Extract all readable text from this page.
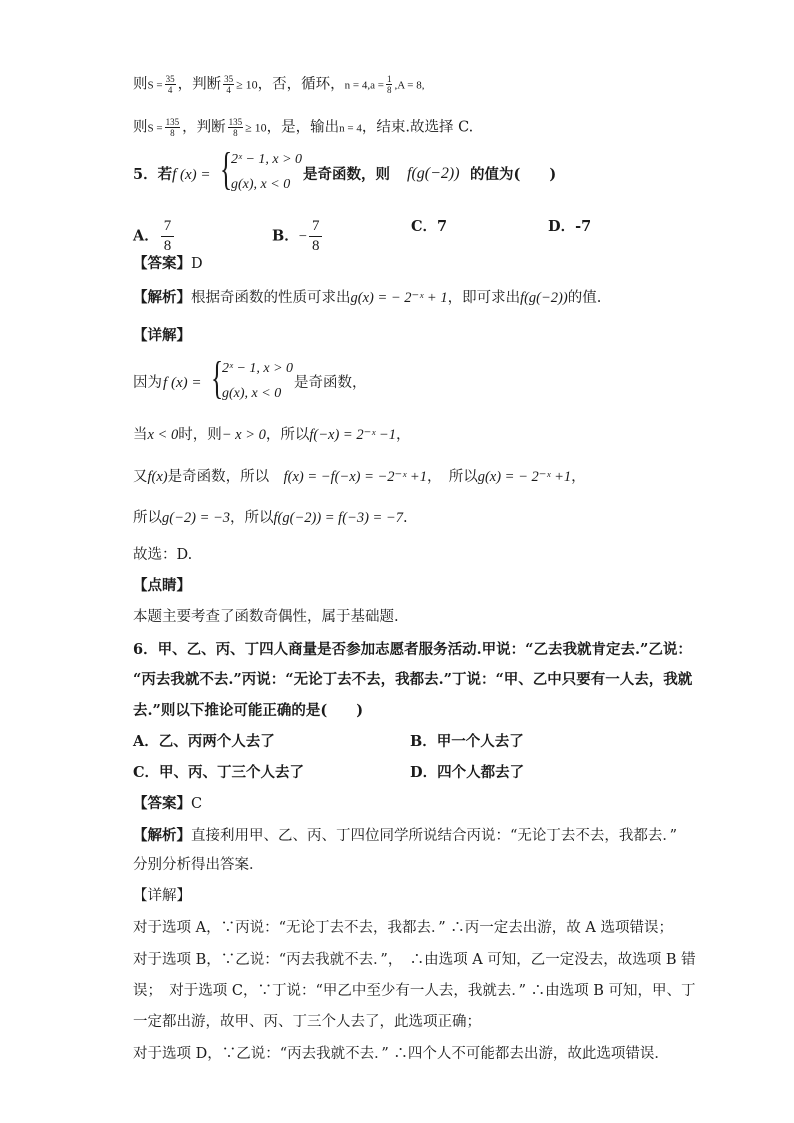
则$S = \frac{35}{4}$ ，判断 $\frac{35}{4} \ge 10$，否，循环，$n = 4,a = \frac{1}{8} ,A = 8$,
则$S = \frac{135}{8}$ ，判断 $\frac{135}{8} \ge 10$，是，输出n = 4，结束.故选择 C.
5．若 f (x) = {
2ˣ − 1, x > 0
g(x), x < 0
是奇函数，则 f(g(−2)) 的值为(　　)
A． $\frac{7}{8}$	B．− $\frac{7}{8}$	C．7	D．-7
【答案】D
【解析】根据奇函数的性质可求出g(x) = − 2⁻ˣ + 1，即可求出f(g(−2))的值.
【详解】
因为 f (x) = {
2ˣ − 1, x > 0
g(x), x < 0
是奇函数，
当x < 0时，则− x > 0，所以f(−x) = 2⁻ˣ −1，
又f(x)是奇函数，所以　f(x) = −f(−x) = −2⁻ˣ +1，　所以g(x) = − 2⁻ˣ +1，
所以g(−2) = −3，所以f(g(−2)) = f(−3) = −7.
故选：D.
【点睛】
本题主要考查了函数奇偶性，属于基础题.
6．甲、乙、丙、丁四人商量是否参加志愿者服务活动.甲说：“乙去我就肯定去.”乙说：
“丙去我就不去.”丙说：“无论丁去不去，我都去.”丁说：“甲、乙中只要有一人去，我就
去.”则以下推论可能正确的是(　　)
A．乙、丙两个人去了	B．甲一个人去了
C．甲、丙、丁三个人去了	D．四个人都去了
【答案】C
【解析】直接利用甲、乙、丙、丁四位同学所说结合丙说：“无论丁去不去，我都去．”
分别分析得出答案．
【详解】
对于选项 A，∵丙说：“无论丁去不去，我都去．” ∴丙一定去出游，故 A 选项错误；
对于选项 B，∵乙说：“丙去我就不去．”，　∴由选项 A 可知，乙一定没去，故选项 B 错
误；　对于选项 C，∵丁说：“甲乙中至少有一人去，我就去．” ∴由选项 B 可知，甲、丁
一定都出游，故甲、丙、丁三个人去了，此选项正确；
对于选项 D，∵乙说：“丙去我就不去．” ∴四个人不可能都去出游，故此选项错误．
